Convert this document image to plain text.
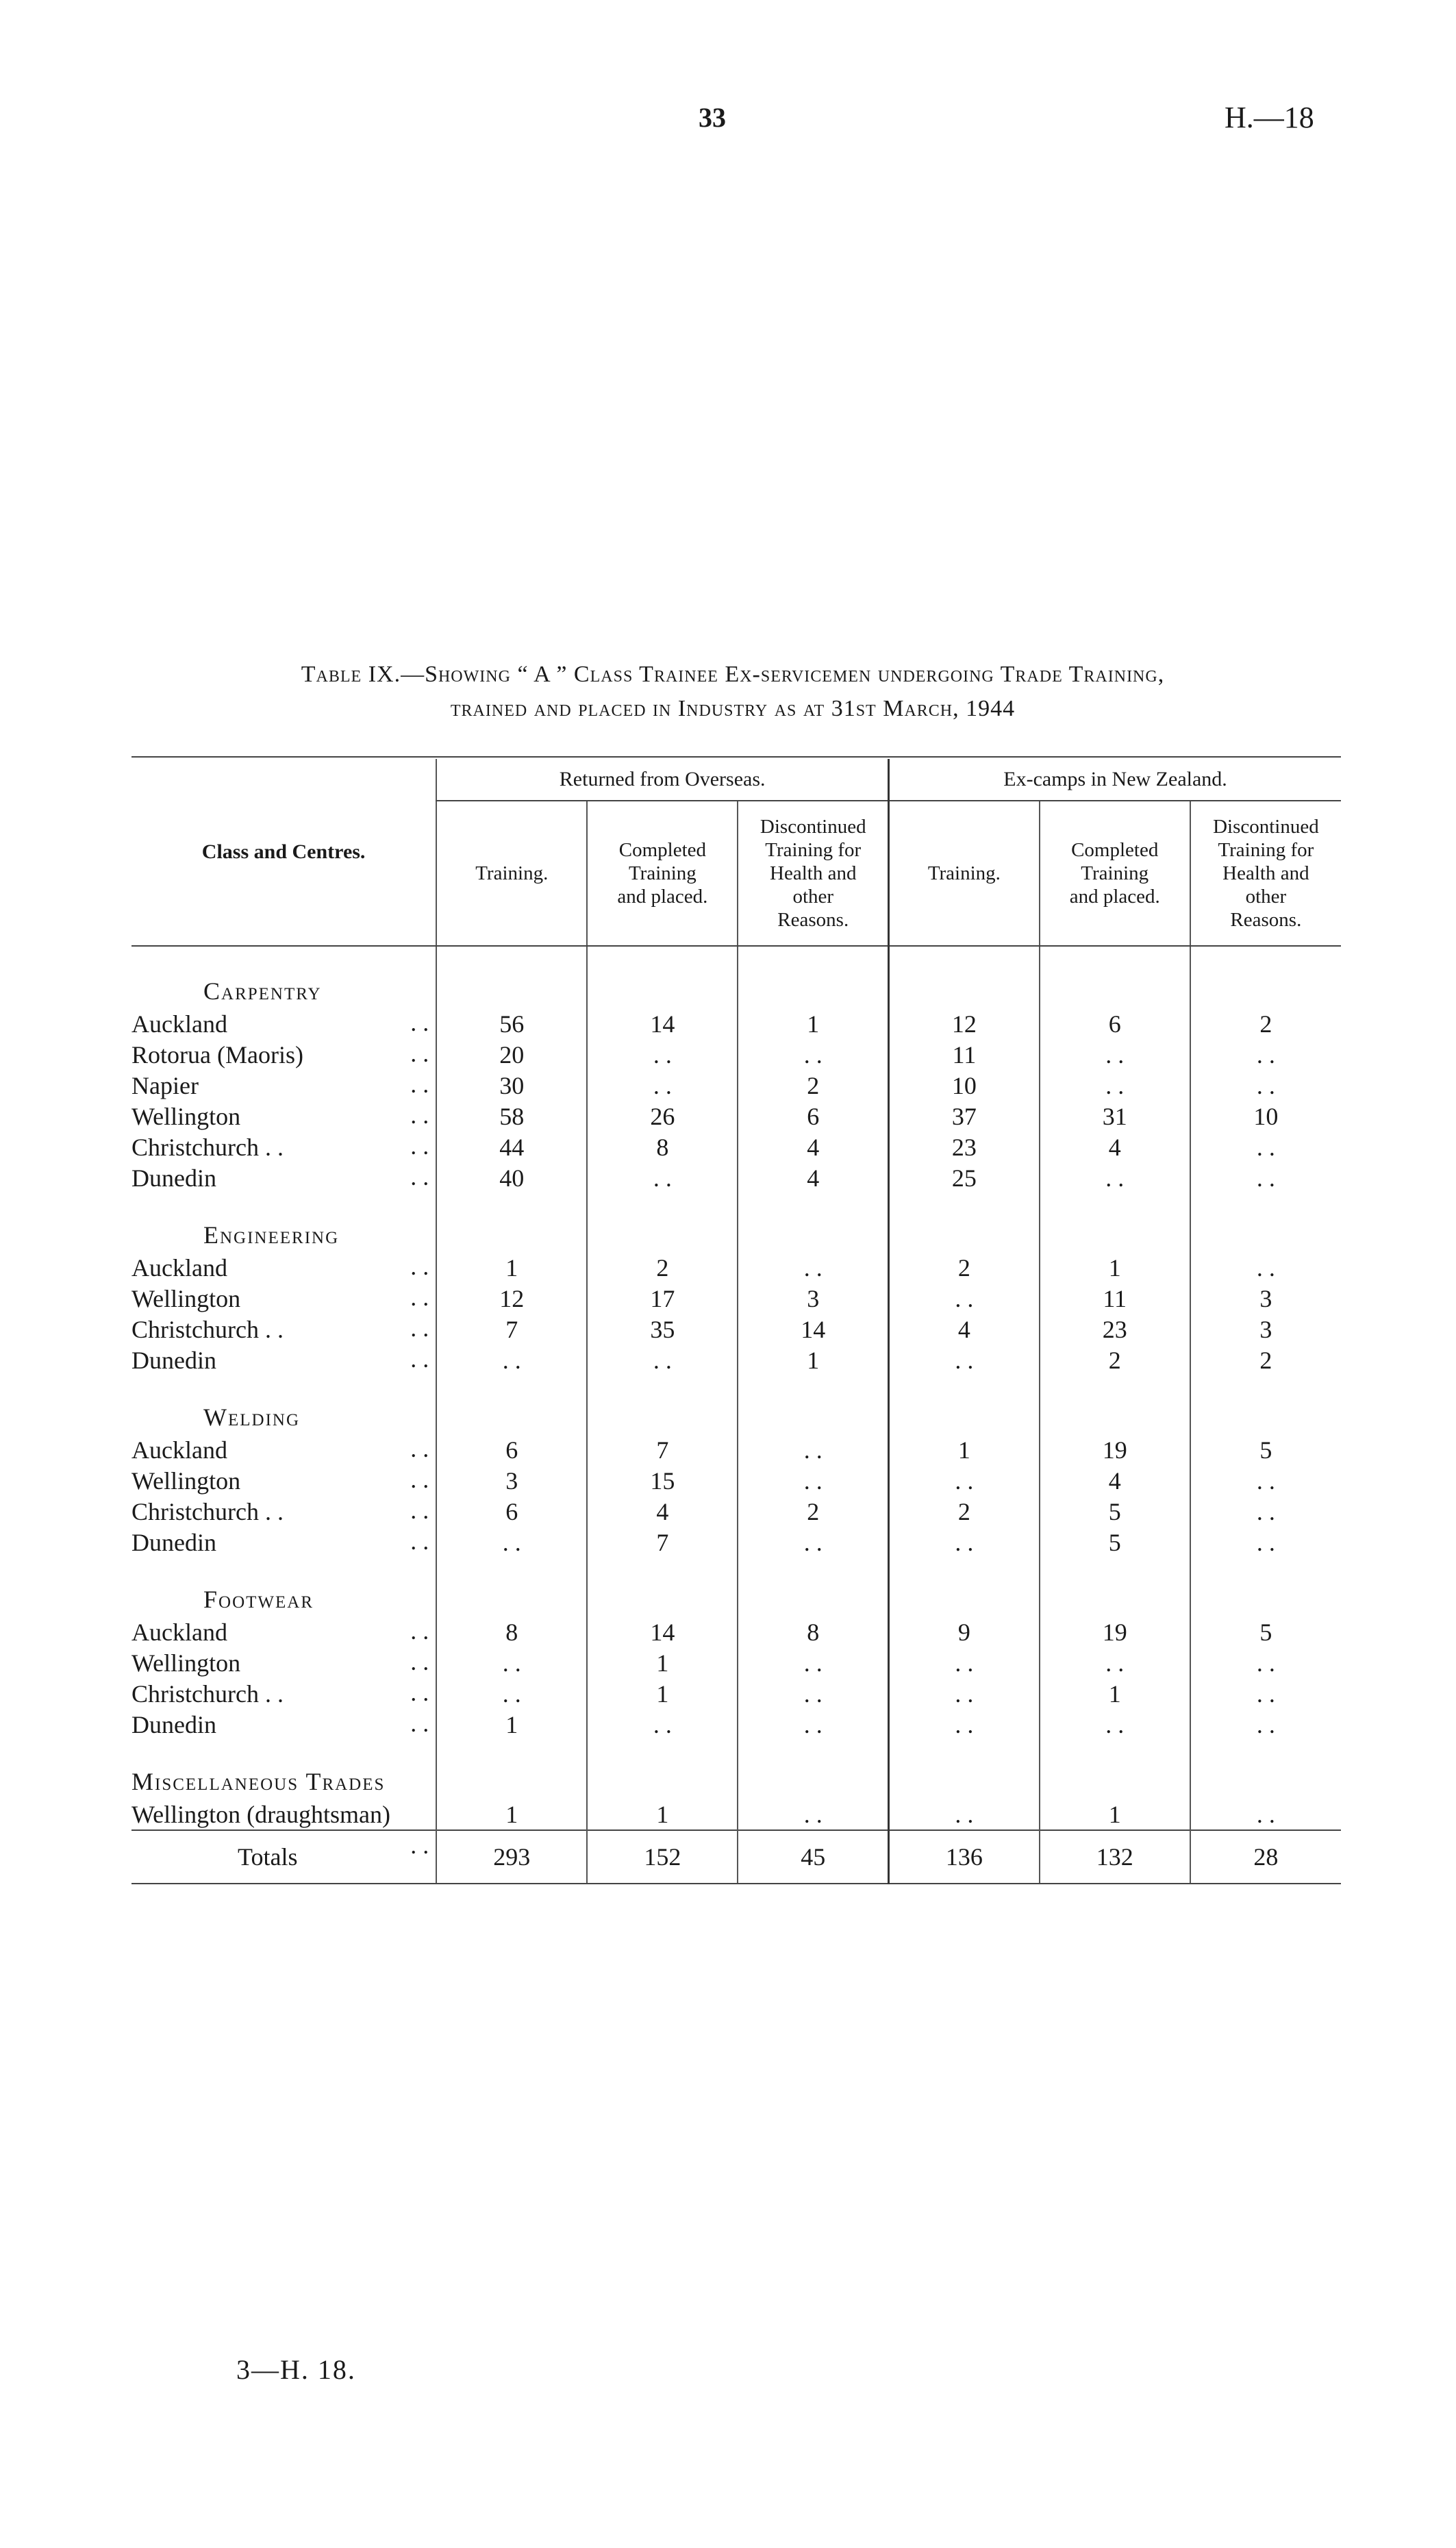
33	H.—18
Table IX.—Showing “ A ” Class Trainee Ex-servicemen undergoing Trade Training,
trained and placed in Industry as at 31st March, 1944
Class and Centres.	Returned from Overseas.			Ex-camps in New Zealand.		
	Training.	Completed
Training
and placed.	Discontinued
Training for
Health and
other
Reasons.	Training.	Completed
Training
and placed.	Discontinued
Training for
Health and
other
Reasons.

Carpentry						
Auckland . .	56	14	1	12	6	2
Rotorua (Maoris) . .	20	. .	. .	11	. .	. .
Napier . .	30	. .	2	10	. .	. .
Wellington . .	58	26	6	37	31	10
Christchurch . . . .	44	8	4	23	4	. .
Dunedin . .	40	. .	4	25	. .	. .

Engineering						
Auckland . .	1	2	. .	2	1	. .
Wellington . .	12	17	3	. .	11	3
Christchurch . . . .	7	35	14	4	23	3
Dunedin . .	. .	. .	1	. .	2	2

Welding						
Auckland . .	6	7	. .	1	19	5
Wellington . .	3	15	. .	. .	4	. .
Christchurch . . . .	6	4	2	2	5	. .
Dunedin . .	. .	7	. .	. .	5	. .

Footwear						
Auckland . .	8	14	8	9	19	5
Wellington . .	. .	1	. .	. .	. .	. .
Christchurch . . . .	. .	1	. .	. .	1	. .
Dunedin . .	1	. .	. .	. .	. .	. .

Miscellaneous Trades						
Wellington (draughtsman)	1	1	. .	. .	1	. .
Totals . .	293	152	45	136	132	28
3—H. 18.
